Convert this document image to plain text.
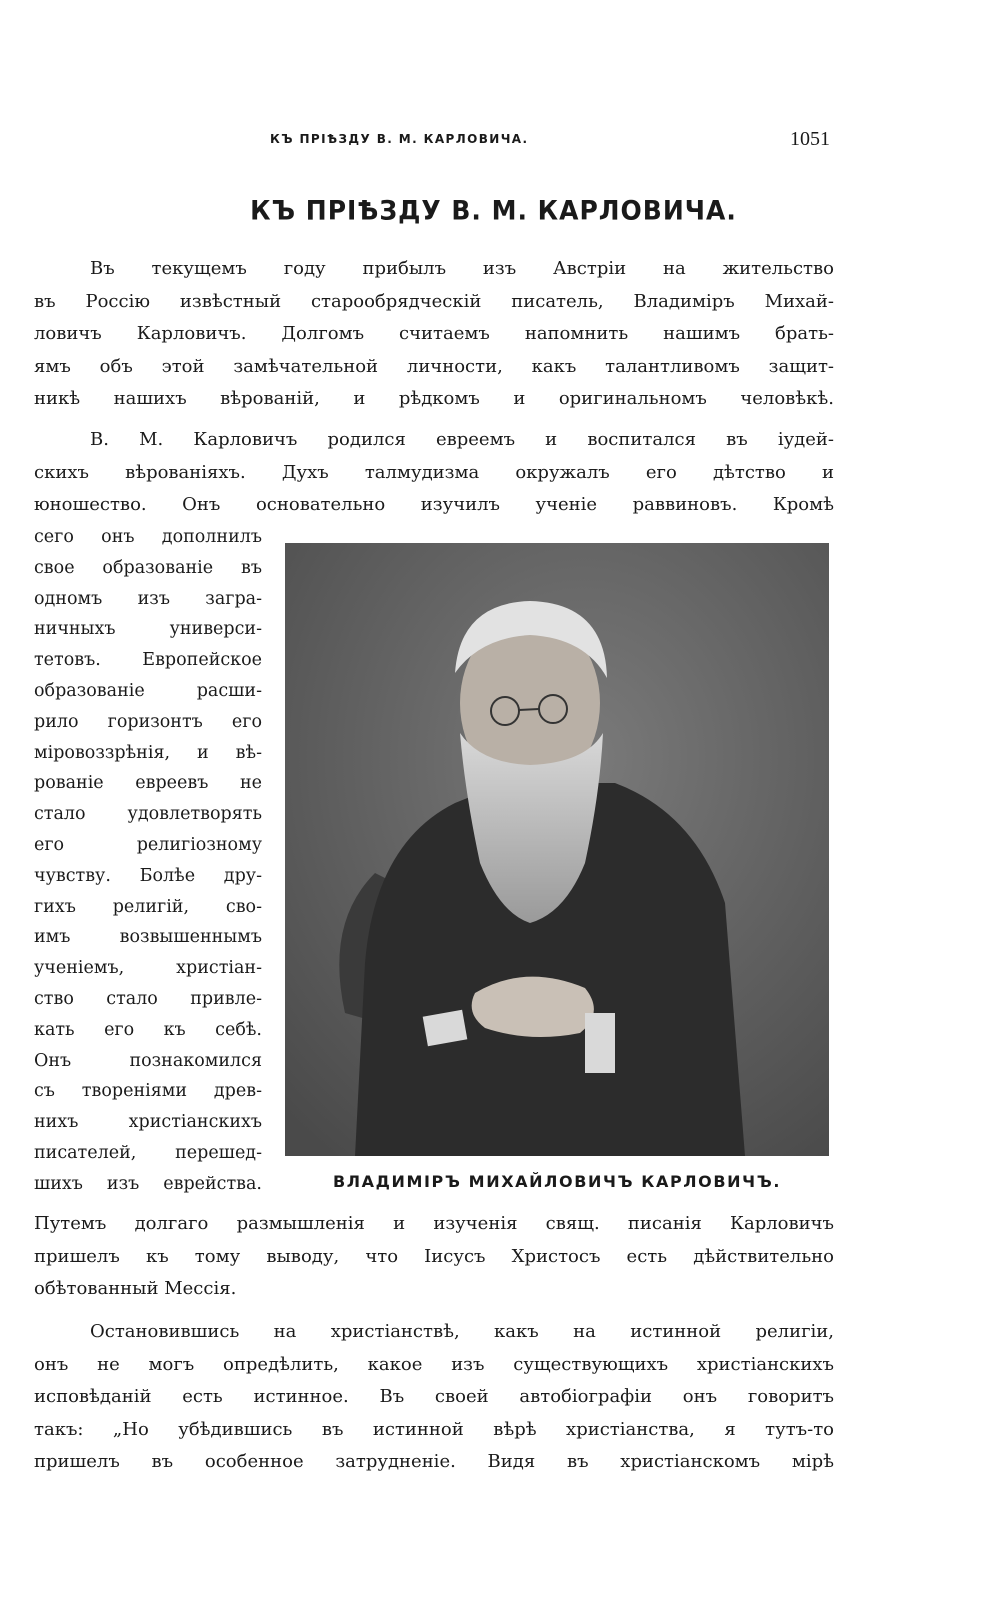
КЪ ПРІѢЗДУ В. М. КАРЛОВИЧА.	1051
КЪ ПРІѢЗДУ В. М. КАРЛОВИЧА.
Въ текущемъ году прибылъ изъ Австріи на жительство
въ Россію извѣстный старообрядческій писатель, Владиміръ Михай-
ловичъ Карловичъ. Долгомъ считаемъ напомнить нашимъ брать-
ямъ объ этой замѣчательной личности, какъ талантливомъ защит-
никѣ нашихъ вѣрованій, и рѣдкомъ и оригинальномъ человѣкѣ.
В. М. Карловичъ родился евреемъ и воспитался въ іудей-
скихъ вѣрованіяхъ. Духъ талмудизма окружалъ его дѣтство и
юношество. Онъ основательно изучилъ ученіе раввиновъ. Кромѣ
сего онъ дополнилъ
свое образованіе въ
одномъ изъ загра-
ничныхъ универси-
тетовъ. Европейское
образованіе расши-
рило горизонтъ его
міровоззрѣнія, и вѣ-
рованіе евреевъ не
стало удовлетворять
его религіозному
чувству. Болѣе дру-
гихъ религій, сво-
имъ возвышеннымъ
ученіемъ, христіан-
ство стало привле-
кать его къ себѣ.
Онъ познакомился
съ твореніями древ-
нихъ христіанскихъ
писателей, перешед-
шихъ изъ еврейства.	ВЛАДИМІРЪ МИХАЙЛОВИЧЪ КАРЛОВИЧЪ.
Путемъ долгаго размышленія и изученія свящ. писанія Карловичъ
пришелъ къ тому выводу, что Іисусъ Христосъ есть дѣйствительно
обѣтованный Мессія.
Остановившись на христіанствѣ, какъ на истинной религіи,
онъ не могъ опредѣлить, какое изъ существующихъ христіанскихъ
исповѣданій есть истинное. Въ своей автобіографіи онъ говоритъ
такъ: „Но убѣдившись въ истинной вѣрѣ христіанства, я тутъ-то
пришелъ въ особенное затрудненіе. Видя въ христіанскомъ мірѣ
